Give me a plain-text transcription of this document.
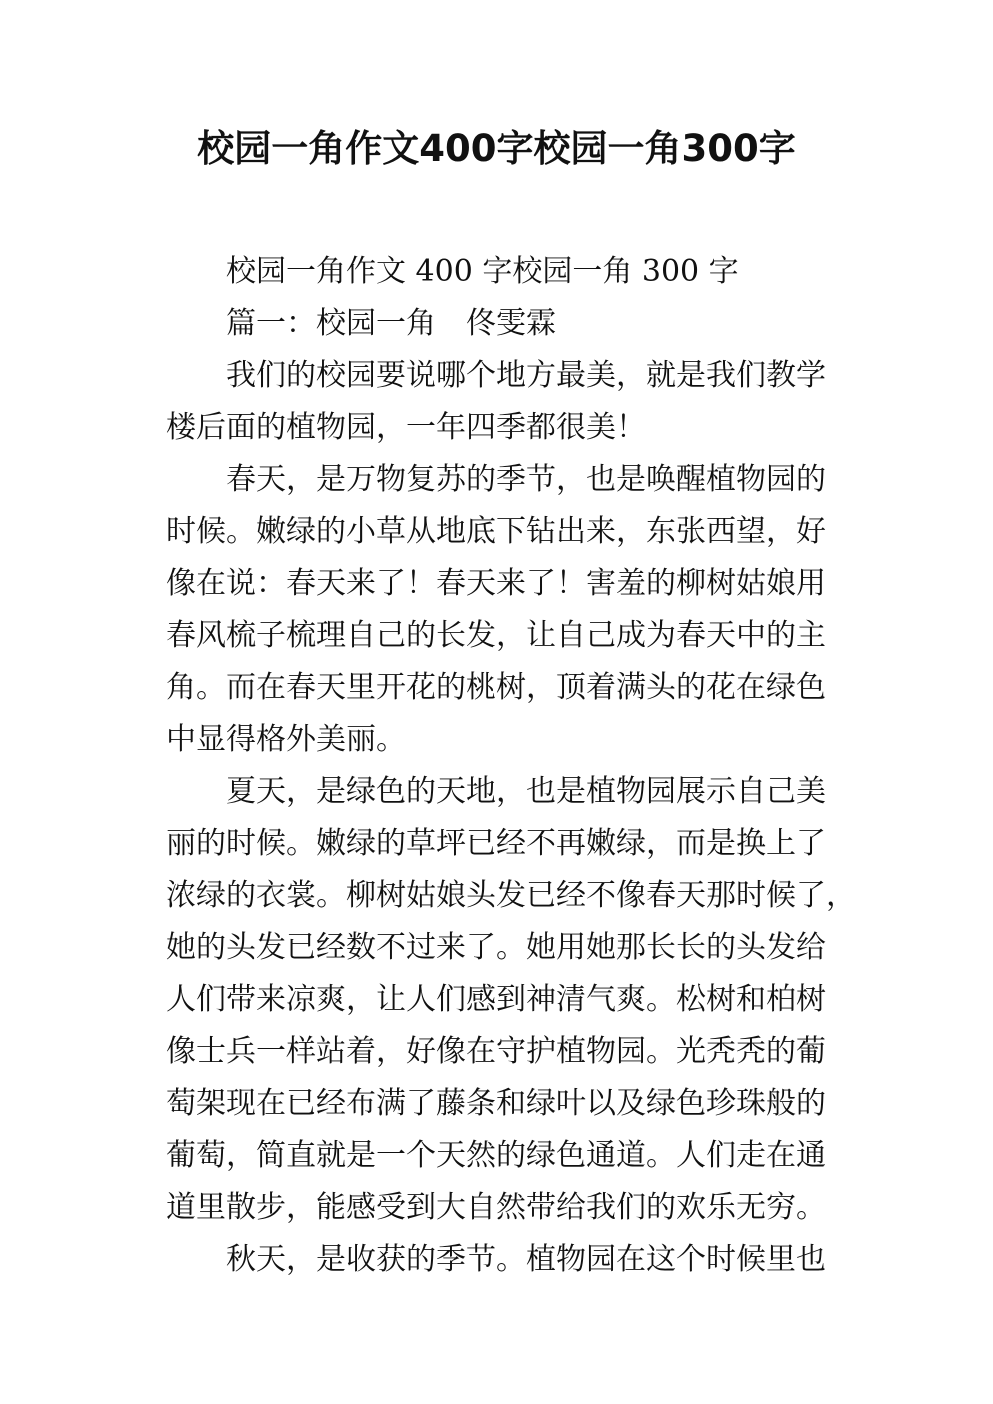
校园一角作文400字校园一角300字
校园一角作文 400 字校园一角 300 字
篇一：校园一角　佟雯霖
我们的校园要说哪个地方最美，就是我们教学
楼后面的植物园，一年四季都很美！
春天，是万物复苏的季节，也是唤醒植物园的
时候。嫩绿的小草从地底下钻出来，东张西望，好
像在说：春天来了！春天来了！害羞的柳树姑娘用
春风梳子梳理自己的长发，让自己成为春天中的主
角。而在春天里开花的桃树，顶着满头的花在绿色
中显得格外美丽。
夏天，是绿色的天地，也是植物园展示自己美
丽的时候。嫩绿的草坪已经不再嫩绿，而是换上了
浓绿的衣裳。柳树姑娘头发已经不像春天那时候了，
她的头发已经数不过来了。她用她那长长的头发给
人们带来凉爽，让人们感到神清气爽。松树和柏树
像士兵一样站着，好像在守护植物园。光秃秃的葡
萄架现在已经布满了藤条和绿叶以及绿色珍珠般的
葡萄，简直就是一个天然的绿色通道。人们走在通
道里散步，能感受到大自然带给我们的欢乐无穷。
秋天，是收获的季节。植物园在这个时候里也
